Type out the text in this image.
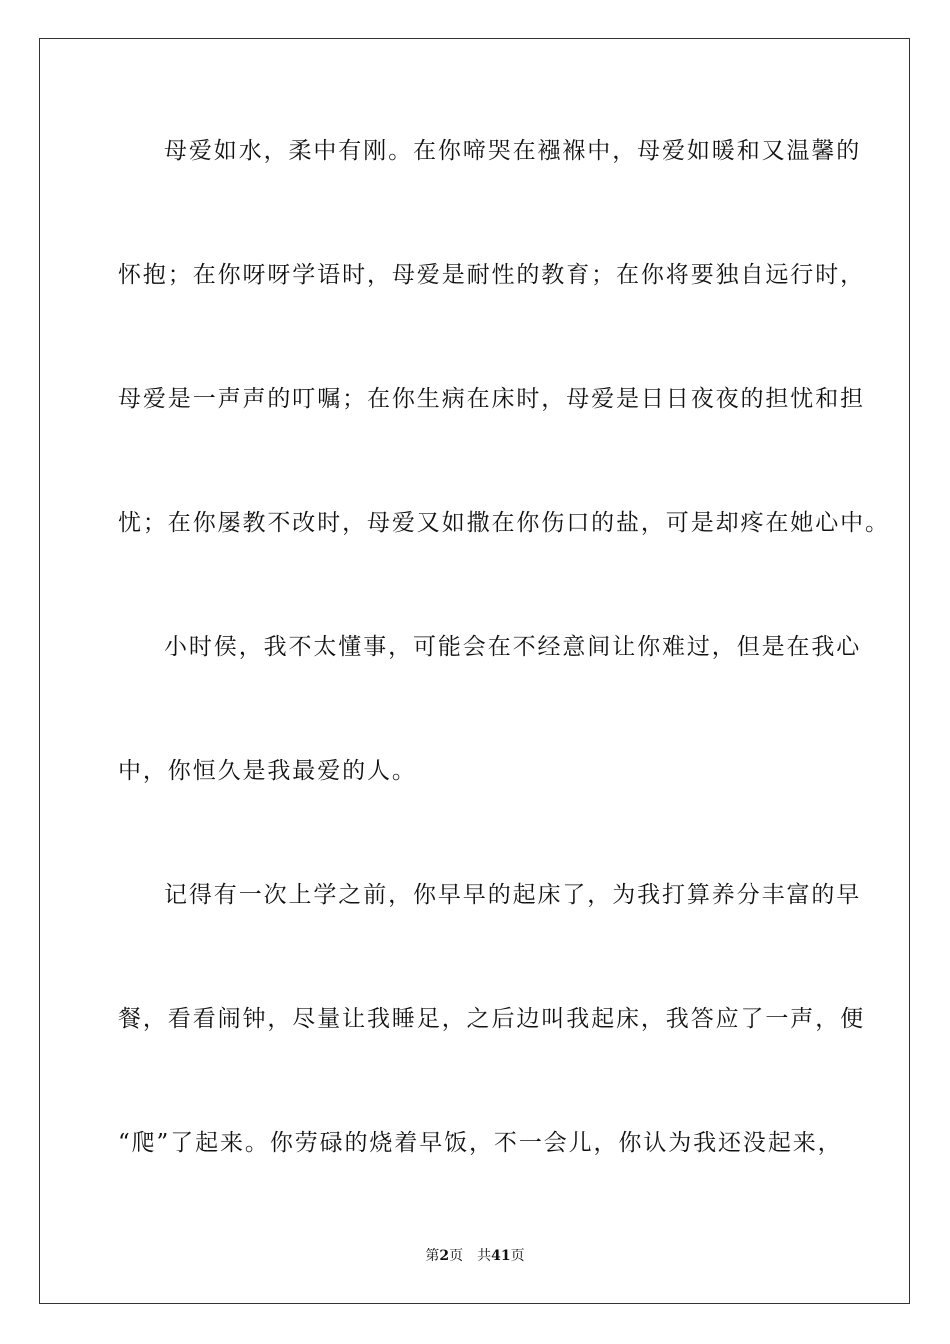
母爱如水，柔中有刚。在你啼哭在襁褓中，母爱如暖和又温馨的
怀抱；在你呀呀学语时，母爱是耐性的教育；在你将要独自远行时，
母爱是一声声的叮嘱；在你生病在床时，母爱是日日夜夜的担忧和担
忧；在你屡教不改时，母爱又如撒在你伤口的盐，可是却疼在她心中。
小时侯，我不太懂事，可能会在不经意间让你难过，但是在我心
中，你恒久是我最爱的人。
记得有一次上学之前，你早早的起床了，为我打算养分丰富的早
餐，看看闹钟，尽量让我睡足，之后边叫我起床，我答应了一声，便
“爬”了起来。你劳碌的烧着早饭，不一会儿，你认为我还没起来，
第2页 共41页
